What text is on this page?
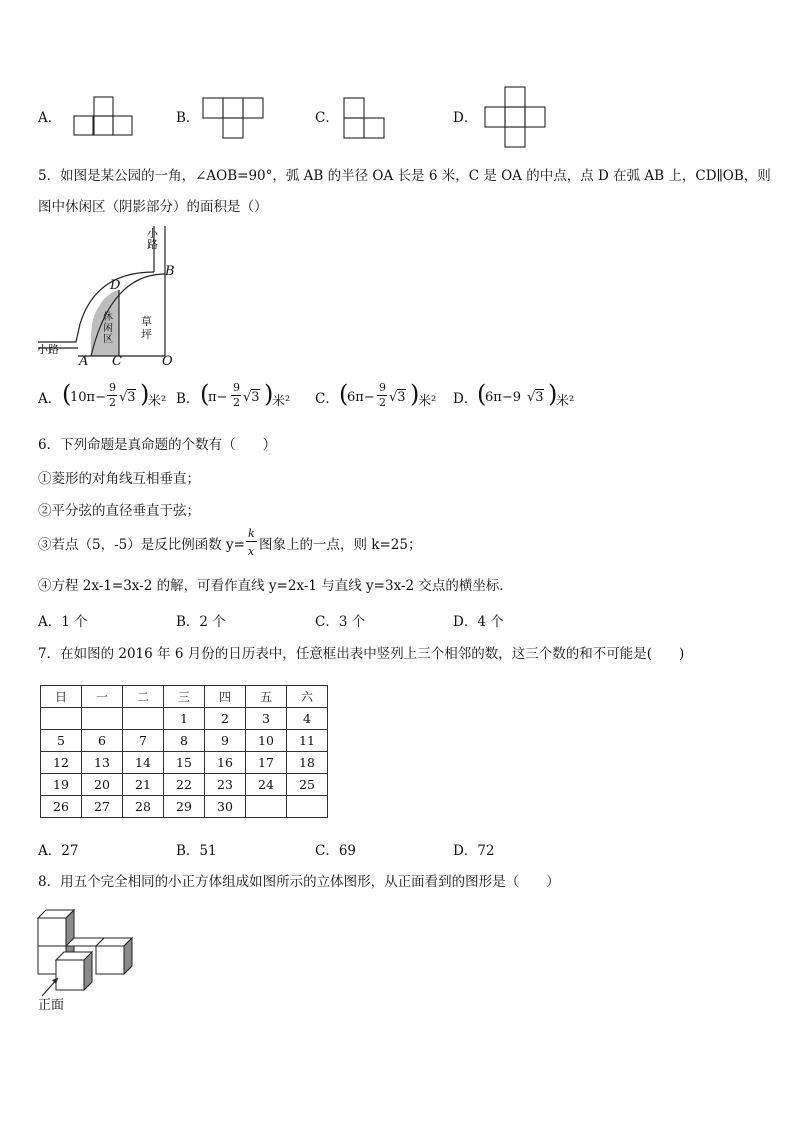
A．	B．	C．	D．
5．如图是某公园的一角，∠AOB=90°，弧 AB 的半径 OA 长是 6 米，C 是 OA 的中点，点 D 在弧 AB 上，CD∥OB，则
图中休闲区（阴影部分）的面积是（）
小路
小路
休闲区
草坪
A C	O
B
D
A． (
10π−
9
2 √3 )
米² B． (
π−
9
2 √3 )
米² C． (
6π−
9
2 √3 )
米² D． (
6π−9 √3 )
米²
6．下列命题是真命题的个数有（　　）
①菱形的对角线互相垂直；
②平分弦的直径垂直于弦；
③若点（5，-5）是反比例函数 $y= \frac{k}{x}$ 图象上的一点，则 k=25；
④方程 2x-1=3x-2 的解，可看作直线 y=2x-1 与直线 y=3x-2 交点的横坐标．
A．1 个	B．2 个	C．3 个	D．4 个
7．在如图的 2016 年 6 月份的日历表中，任意框出表中竖列上三个相邻的数，这三个数的和不可能是(　　)
日	一	二	三	四	五	六
			1	2	3	4
5	6	7	8	9	10	11
12	13	14	15	16	17	18
19	20	21	22	23	24	25
26	27	28	29	30		
A．27	B．51	C．69	D．72
8．用五个完全相同的小正方体组成如图所示的立体图形，从正面看到的图形是（　　）
正面
